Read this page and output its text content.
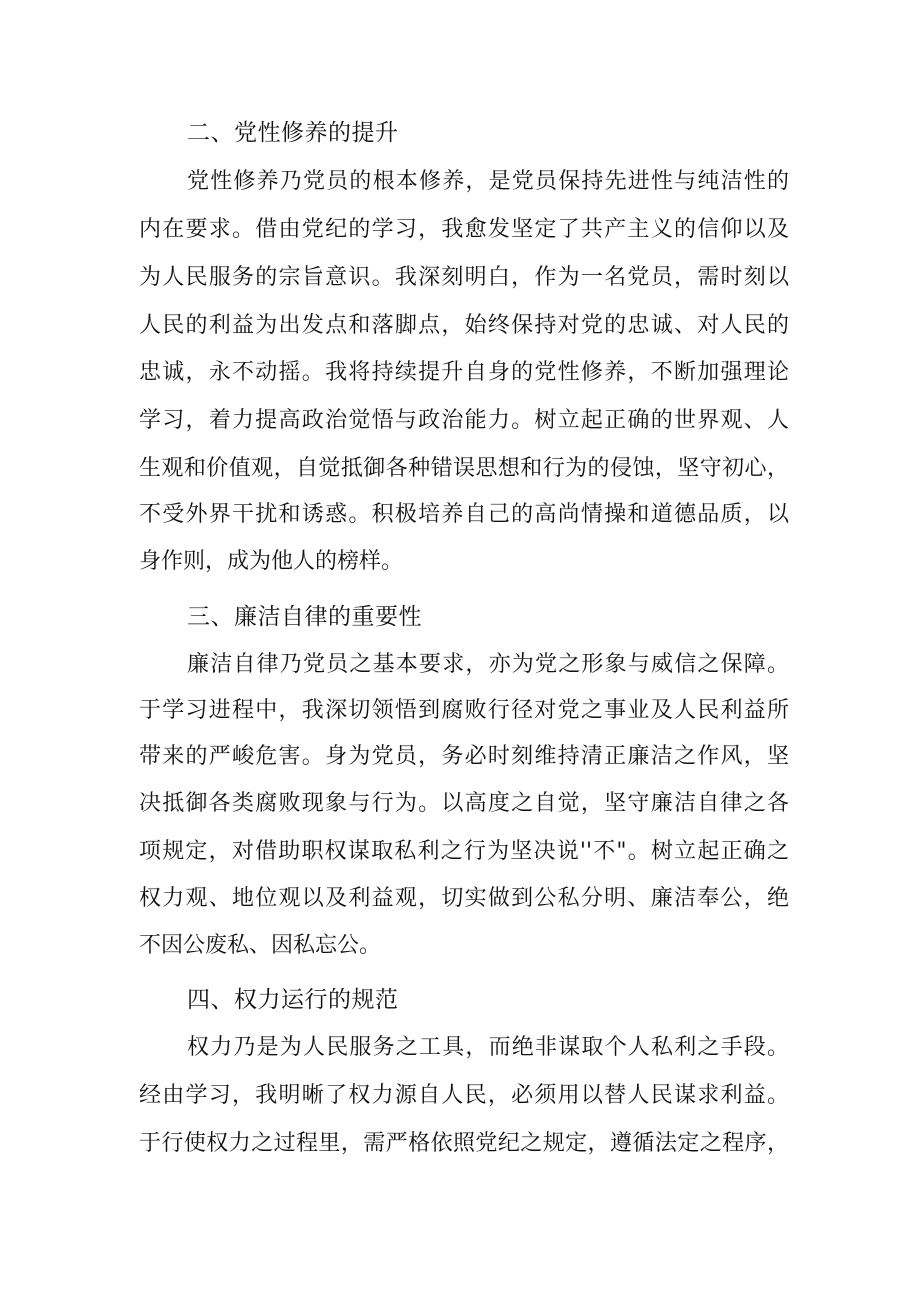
二、党性修养的提升
党性修养乃党员的根本修养，是党员保持先进性与纯洁性的
内在要求。借由党纪的学习，我愈发坚定了共产主义的信仰以及
为人民服务的宗旨意识。我深刻明白，作为一名党员，需时刻以
人民的利益为出发点和落脚点，始终保持对党的忠诚、对人民的
忠诚，永不动摇。我将持续提升自身的党性修养，不断加强理论
学习，着力提高政治觉悟与政治能力。树立起正确的世界观、人
生观和价值观，自觉抵御各种错误思想和行为的侵蚀，坚守初心，
不受外界干扰和诱惑。积极培养自己的高尚情操和道德品质，以
身作则，成为他人的榜样。
三、廉洁自律的重要性
廉洁自律乃党员之基本要求，亦为党之形象与威信之保障。
于学习进程中，我深切领悟到腐败行径对党之事业及人民利益所
带来的严峻危害。身为党员，务必时刻维持清正廉洁之作风，坚
决抵御各类腐败现象与行为。以高度之自觉，坚守廉洁自律之各
项规定，对借助职权谋取私利之行为坚决说''不"。树立起正确之
权力观、地位观以及利益观，切实做到公私分明、廉洁奉公，绝
不因公废私、因私忘公。
四、权力运行的规范
权力乃是为人民服务之工具，而绝非谋取个人私利之手段。
经由学习，我明晰了权力源自人民，必须用以替人民谋求利益。
于行使权力之过程里，需严格依照党纪之规定，遵循法定之程序，
